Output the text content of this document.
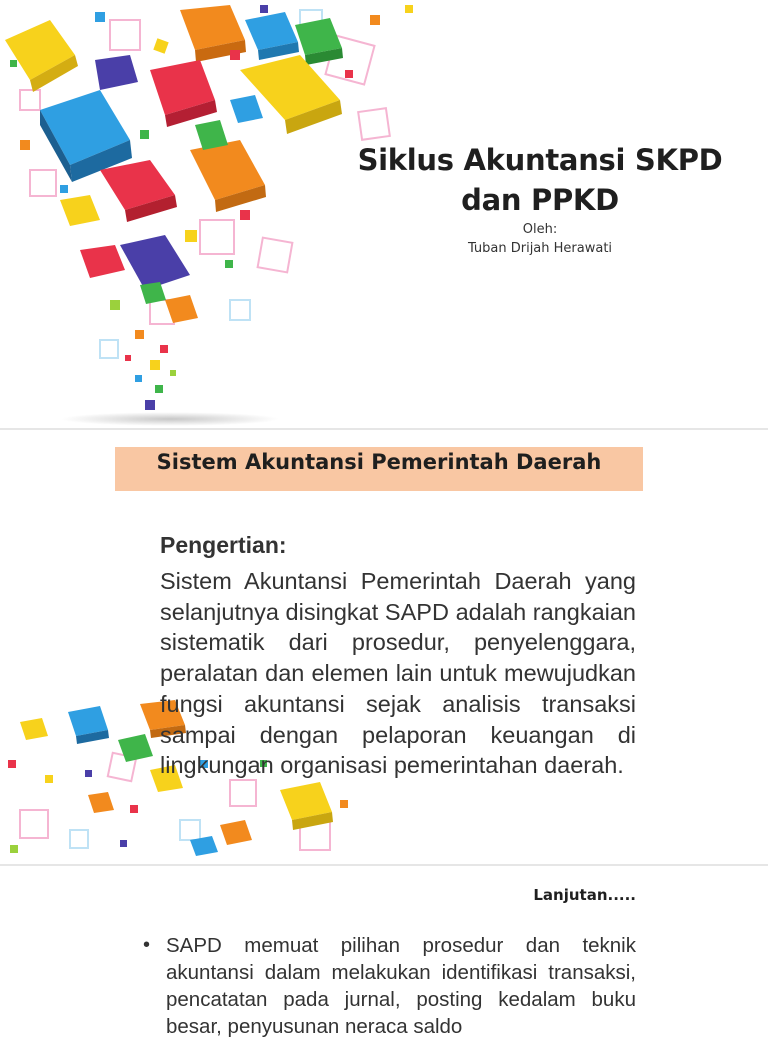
Siklus Akuntansi SKPD dan PPKD
Oleh:
Tuban Drijah Herawati
Sistem Akuntansi Pemerintah Daerah
Pengertian:
Sistem Akuntansi Pemerintah Daerah yang selanjutnya disingkat SAPD adalah rangkaian sistematik dari prosedur, penyelenggara, peralatan dan elemen lain untuk mewujudkan fungsi akuntansi sejak analisis transaksi sampai dengan pelaporan keuangan di lingkungan organisasi pemerintahan daerah.
Lanjutan.....
• SAPD memuat pilihan prosedur dan teknik akuntansi dalam melakukan identifikasi transaksi, pencatatan pada jurnal, posting kedalam buku besar, penyusunan neraca saldo
